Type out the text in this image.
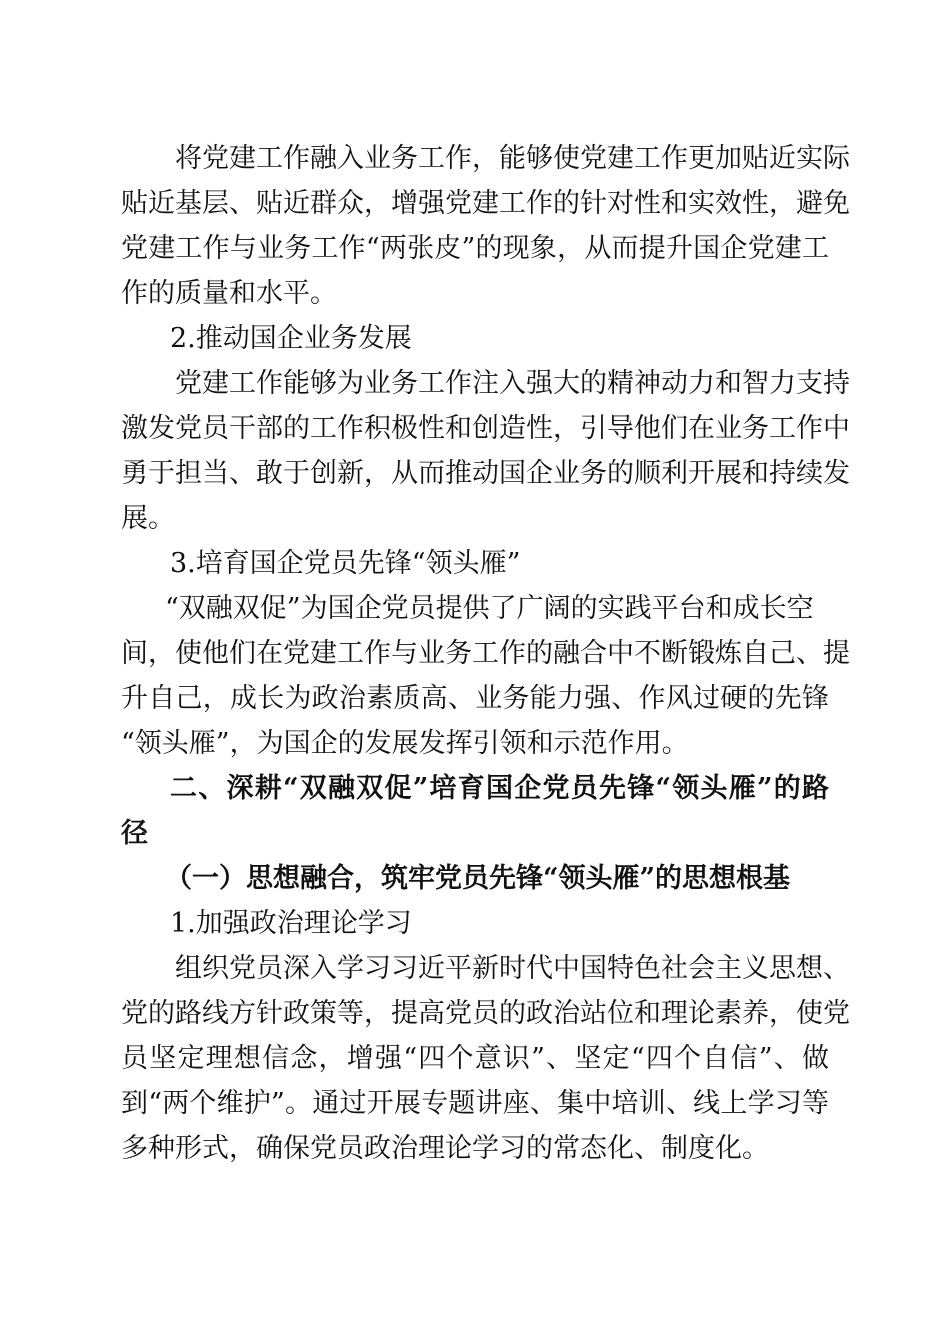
将党建工作融入业务工作，能够使党建工作更加贴近实际
贴近基层、贴近群众，增强党建工作的针对性和实效性，避免
党建工作与业务工作“两张皮”的现象，从而提升国企党建工
作的质量和水平。
2.推动国企业务发展
党建工作能够为业务工作注入强大的精神动力和智力支持
激发党员干部的工作积极性和创造性，引导他们在业务工作中
勇于担当、敢于创新，从而推动国企业务的顺利开展和持续发
展。
3.培育国企党员先锋“领头雁”
“双融双促”为国企党员提供了广阔的实践平台和成长空
间，使他们在党建工作与业务工作的融合中不断锻炼自己、提
升自己，成长为政治素质高、业务能力强、作风过硬的先锋
“领头雁”，为国企的发展发挥引领和示范作用。
二、深耕“双融双促”培育国企党员先锋“领头雁”的路
径
（一）思想融合，筑牢党员先锋“领头雁”的思想根基
1.加强政治理论学习
组织党员深入学习习近平新时代中国特色社会主义思想、
党的路线方针政策等，提高党员的政治站位和理论素养，使党
员坚定理想信念，增强“四个意识”、坚定“四个自信”、做
到“两个维护”。通过开展专题讲座、集中培训、线上学习等
多种形式，确保党员政治理论学习的常态化、制度化。
